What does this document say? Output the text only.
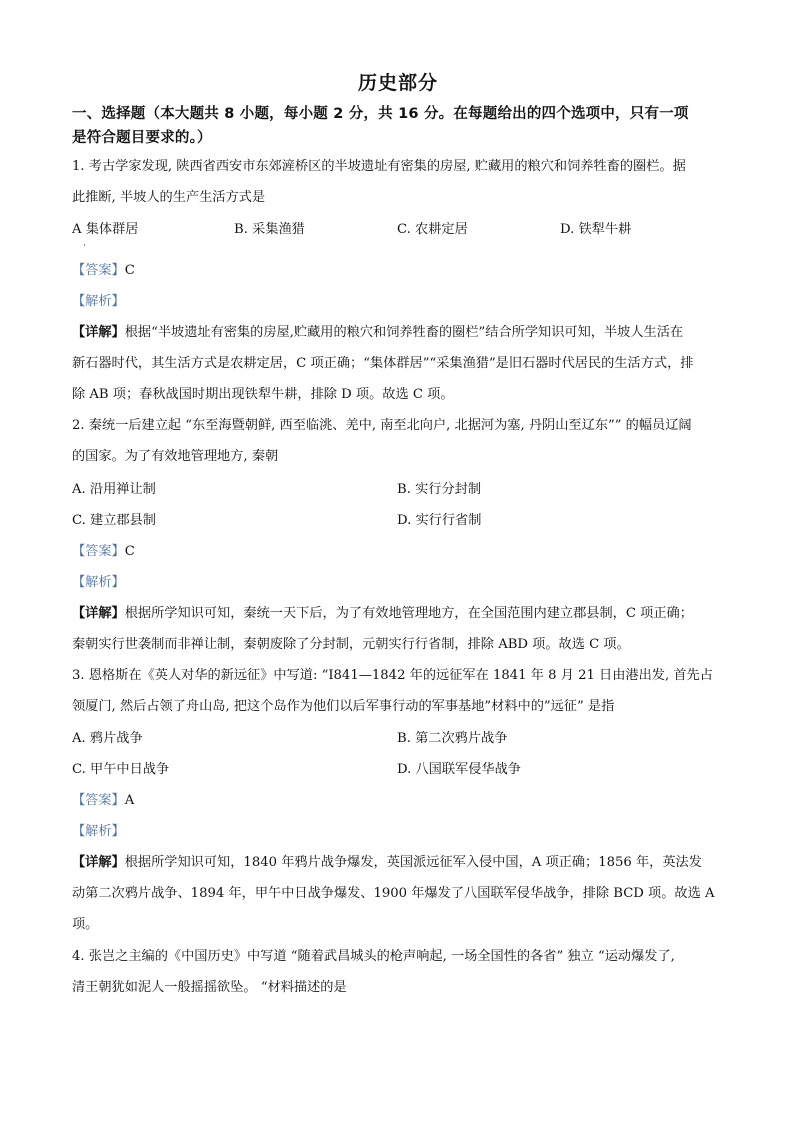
历史部分
一、选择题（本大题共 8 小题，每小题 2 分，共 16 分。在每题给出的四个选项中，只有一项
是符合题目要求的。）
1. 考古学家发现, 陕西省西安市东郊滻桥区的半坡遗址有密集的房屋, 贮藏用的粮穴和饲养牲畜的圈栏。据
此推断, 半坡人的生产生活方式是
A 集体群居	B. 采集渔猎	C. 农耕定居	D. 铁犁牛耕
【答案】C
【解析】
【详解】根据“半坡遗址有密集的房屋,贮藏用的粮穴和饲养牲畜的圈栏”结合所学知识可知，半坡人生活在
新石器时代，其生活方式是农耕定居，C 项正确；“集体群居”“采集渔猎”是旧石器时代居民的生活方式，排
除 AB 项；春秋战国时期出现铁犁牛耕，排除 D 项。故选 C 项。
2. 秦统一后建立起 “东至海暨朝鲜, 西至临洮、羌中, 南至北向户, 北据河为塞, 丹阴山至辽东”” 的幅员辽阔
的国家。为了有效地管理地方, 秦朝
A. 沿用禅让制	B. 实行分封制
C. 建立郡县制	D. 实行行省制
【答案】C
【解析】
【详解】根据所学知识可知，秦统一天下后，为了有效地管理地方，在全国范围内建立郡县制，C 项正确；
秦朝实行世袭制而非禅让制，秦朝废除了分封制，元朝实行行省制，排除 ABD 项。故选 C 项。
3. 恩格斯在《英人对华的新远征》中写道: “I841—1842 年的远征军在 1841 年 8 月 21 日由港出发, 首先占
领厦门, 然后占领了舟山岛, 把这个岛作为他们以后军事行动的军事基地”材料中的”远征” 是指
A. 鸦片战争	B. 第二次鸦片战争
C. 甲午中日战争	D. 八国联军侵华战争
【答案】A
【解析】
【详解】根据所学知识可知，1840 年鸦片战争爆发，英国派远征军入侵中国，A 项正确；1856 年，英法发
动第二次鸦片战争、1894 年，甲午中日战争爆发、1900 年爆发了八国联军侵华战争，排除 BCD 项。故选 A
项。
4. 张岂之主编的《中国历史》中写道 “随着武昌城头的枪声响起, 一场全国性的各省” 独立 “运动爆发了,
清王朝犹如泥人一般摇摇欲坠。 “材料描述的是
